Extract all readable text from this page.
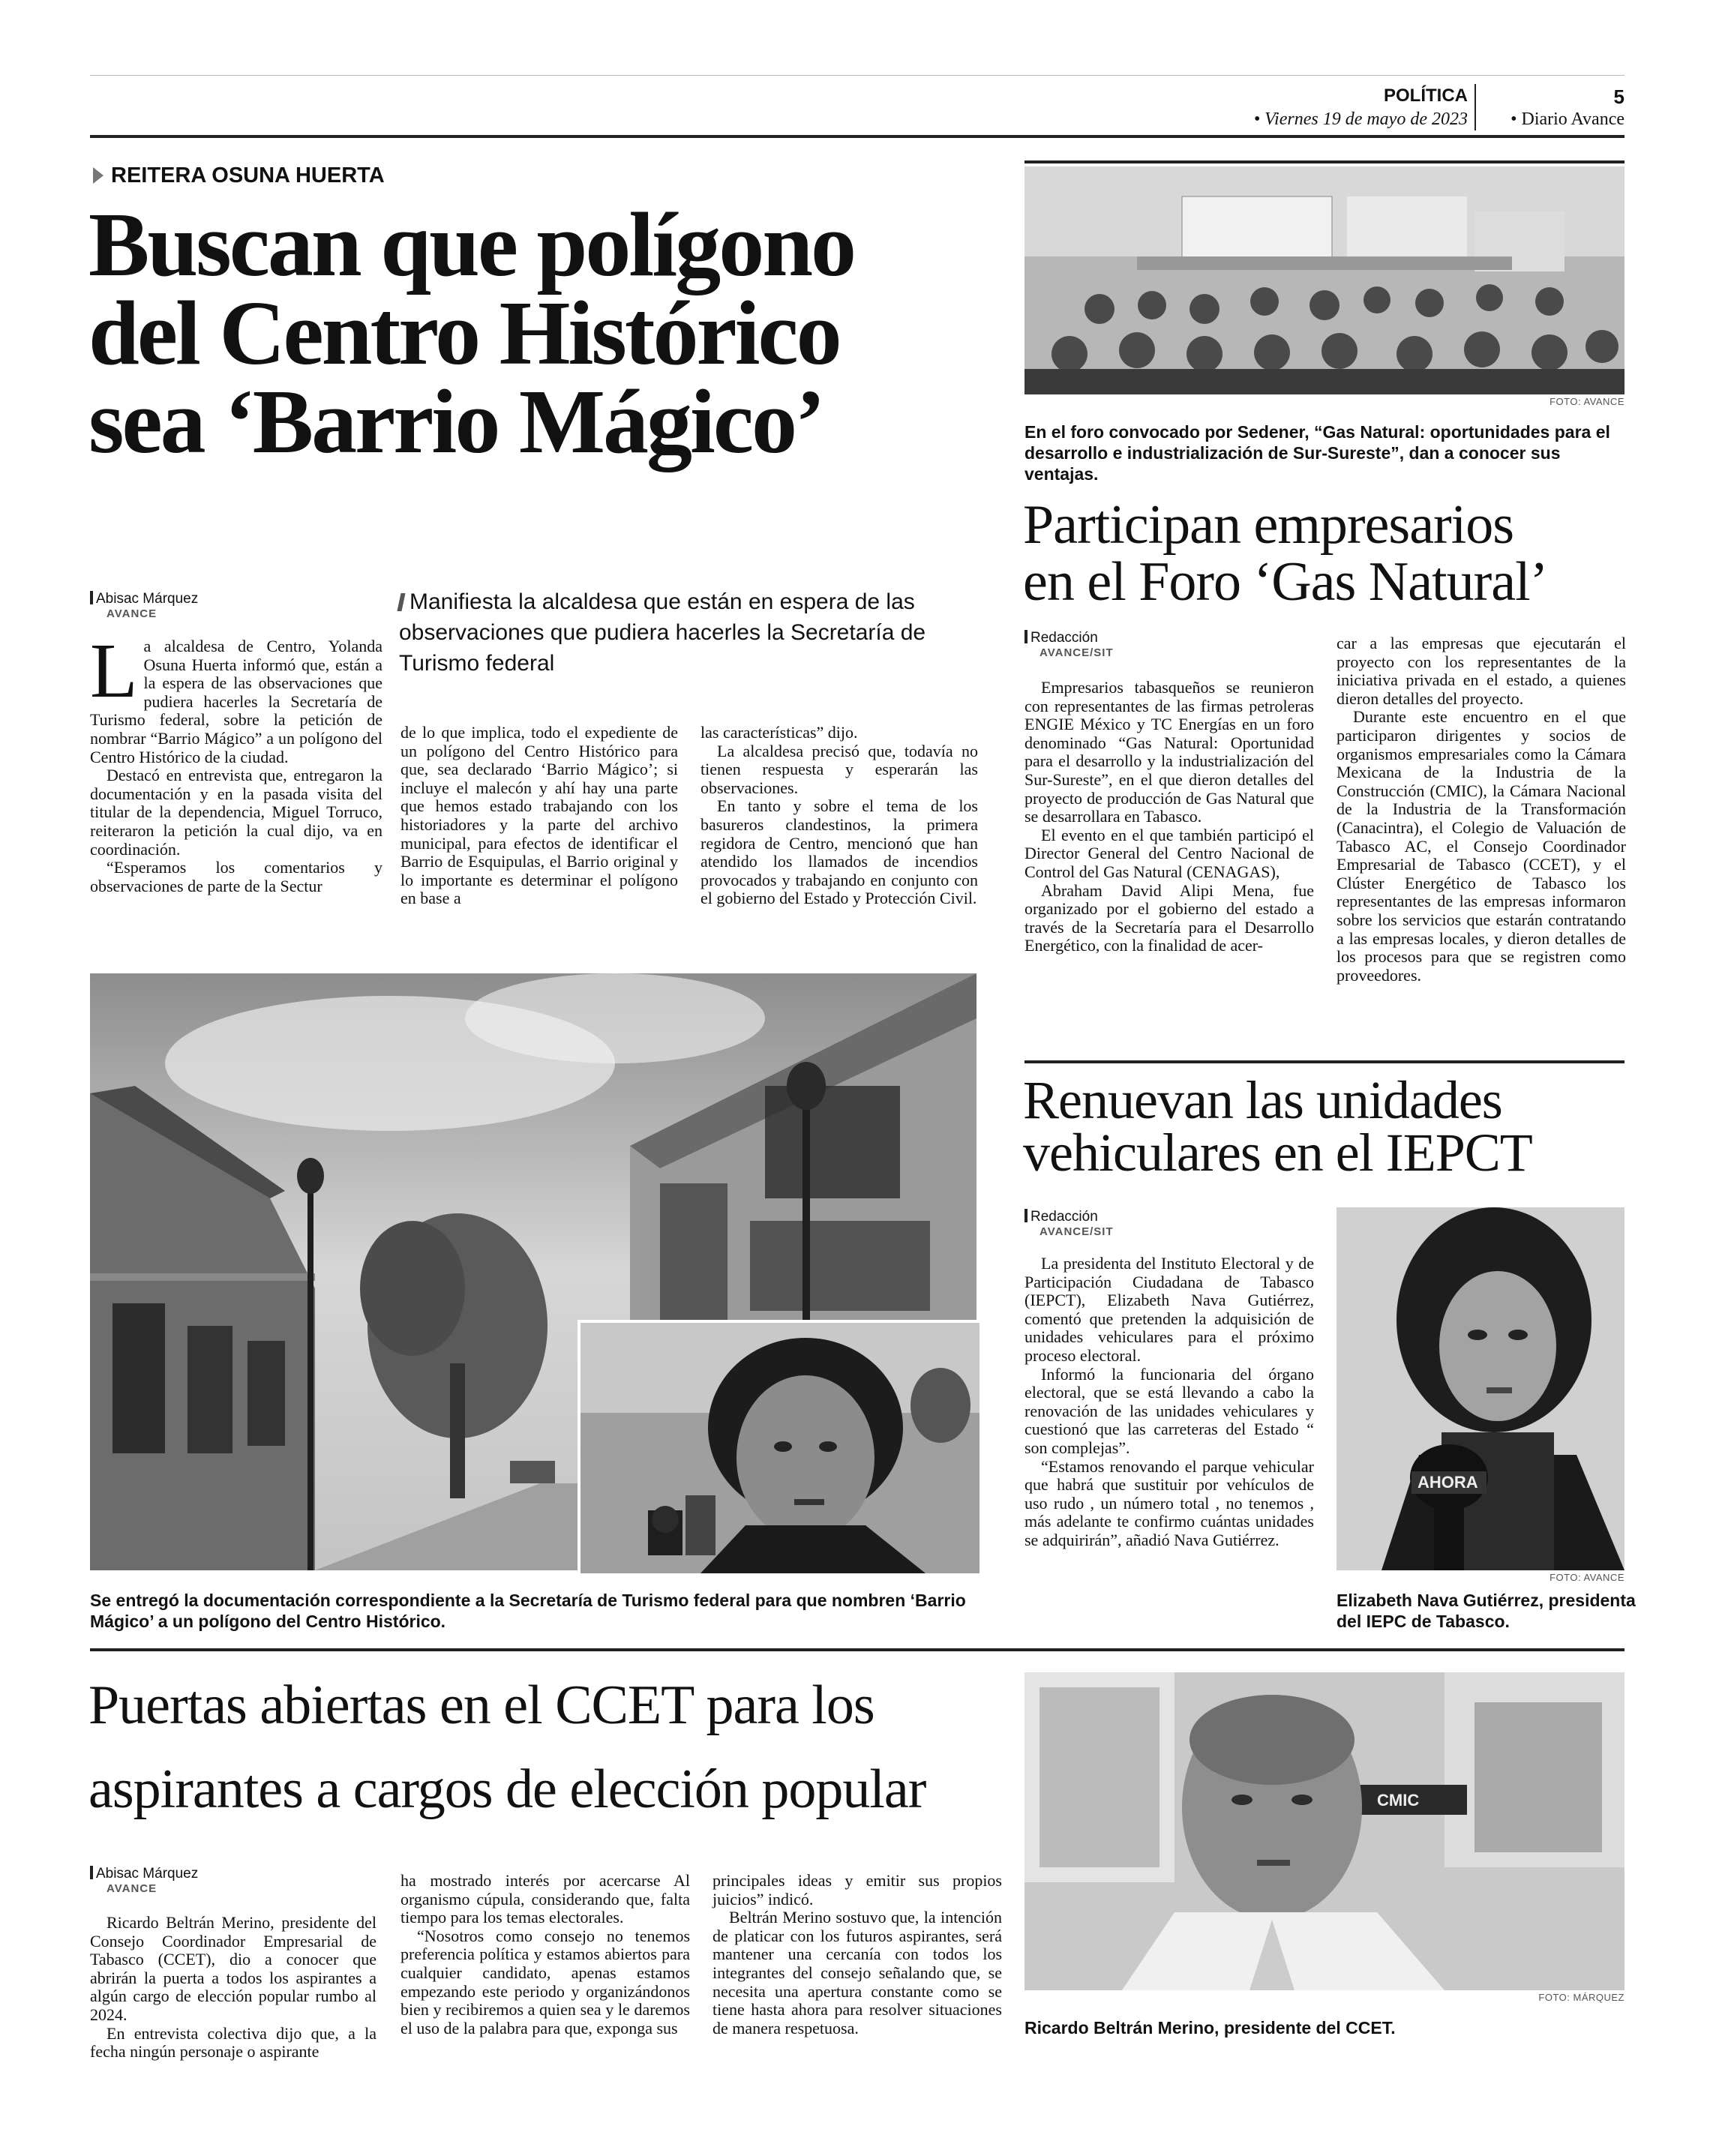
POLÍTICA
• Viernes 19 de mayo de 2023
5
• Diario Avance
REITERA OSUNA HUERTA
Buscan que polígono
del Centro Histórico
sea ‘Barrio Mágico’
Abisac Márquez
AVANCE	Manifiesta la alcaldesa que están en espera de las observaciones que pudiera hacerles la Secretaría de Turismo federal
L a alcaldesa de Centro, Yolanda Osuna Huerta informó que, están a la espera de las observaciones que pudiera hacerles la Secretaría de Turismo federal, sobre la petición de nombrar “Barrio Mágico” a un polígono del Centro Histórico de la ciudad.

Destacó en entrevista que, entregaron la documentación y en la pasada visita del titular de la dependencia, Miguel Torruco, reiteraron la petición la cual dijo, va en coordinación.

“Esperamos los comentarios y observaciones de parte de la Sectur

de lo que implica, todo el expediente de un polígono del Centro Histórico para que, sea declarado ‘Barrio Mágico’; si incluye el malecón y ahí hay una parte que hemos estado trabajando con los historiadores y la parte del archivo municipal, para efectos de identificar el Barrio de Esquipulas, el Barrio original y lo importante es determinar el polígono en base a

las características” dijo.

La alcaldesa precisó que, todavía no tienen respuesta y esperarán las observaciones.

En tanto y sobre el tema de los basureros clandestinos, la primera regidora de Centro, mencionó que han atendido los llamados de incendios provocados y trabajando en conjunto con el gobierno del Estado y Protección Civil.

Se entregó la documentación correspondiente a la Secretaría de Turismo federal para que nombren ‘Barrio Mágico’ a un polígono del Centro Histórico.
FOTO: AVANCE
En el foro convocado por Sedener, “Gas Natural: oportunidades para el desarrollo e industrialización de Sur-Sureste”, dan a conocer sus ventajas.
Participan empresarios
en el Foro ‘Gas Natural’
Redacción
AVANCE/SIT

Empresarios tabasqueños se reunieron con representantes de las firmas petroleras ENGIE México y TC Energías en un foro denominado “Gas Natural: Oportunidad para el desarrollo y la industrialización del Sur-Sureste”, en el que dieron detalles del proyecto de producción de Gas Natural que se desarrollara en Tabasco.

El evento en el que también participó el Director General del Centro Nacional de Control del Gas Natural (CENAGAS),

Abraham David Alipi Mena, fue organizado por el gobierno del estado a través de la Secretaría para el Desarrollo Energético, con la finalidad de acer-

car a las empresas que ejecutarán el proyecto con los representantes de la iniciativa privada en el estado, a quienes dieron detalles del proyecto.

Durante este encuentro en el que participaron dirigentes y socios de organismos empresariales como la Cámara Mexicana de la Industria de la Construcción (CMIC), la Cámara Nacional de la Industria de la Transformación (Canacintra), el Colegio de Valuación de Tabasco AC, el Consejo Coordinador Empresarial de Tabasco (CCET), y el Clúster Energético de Tabasco los representantes de las empresas informaron sobre los servicios que estarán contratando a las empresas locales, y dieron detalles de los procesos para que se registren como proveedores.

Renuevan las unidades
vehiculares en el IEPCT
Redacción
AVANCE/SIT

La presidenta del Instituto Electoral y de Participación Ciudadana de Tabasco (IEPCT), Elizabeth Nava Gutiérrez, comentó que pretenden la adquisición de unidades vehiculares para el próximo proceso electoral.

Informó la funcionaria del órgano electoral, que se está llevando a cabo la renovación de las unidades vehiculares y cuestionó que las carreteras del Estado “ son complejas”.

“Estamos renovando el parque vehicular que habrá que sustituir por vehículos de uso rudo , un número total , no tenemos , más adelante te confirmo cuántas unidades se adquirirán”, añadió Nava Gutiérrez.

AHORA
FOTO: AVANCE
Elizabeth Nava Gutiérrez, presidenta del IEPC de Tabasco.
Puertas abiertas en el CCET para los
aspirantes a cargos de elección popular
Abisac Márquez
AVANCE

Ricardo Beltrán Merino, presidente del Consejo Coordinador Empresarial de Tabasco (CCET), dio a conocer que abrirán la puerta a todos los aspirantes a algún cargo de elección popular rumbo al 2024.

En entrevista colectiva dijo que, a la fecha ningún personaje o aspirante

ha mostrado interés por acercarse Al organismo cúpula, considerando que, falta tiempo para los temas electorales.

“Nosotros como consejo no tenemos preferencia política y estamos abiertos para cualquier candidato, apenas estamos empezando este periodo y organizándonos bien y recibiremos a quien sea y le daremos el uso de la palabra para que, exponga sus

principales ideas y emitir sus propios juicios” indicó.

Beltrán Merino sostuvo que, la intención de platicar con los futuros aspirantes, será mantener una cercanía con todos los integrantes del consejo señalando que, se necesita una apertura constante como se tiene hasta ahora para resolver situaciones de manera respetuosa.

CMIC
FOTO: MÁRQUEZ
Ricardo Beltrán Merino, presidente del CCET.
